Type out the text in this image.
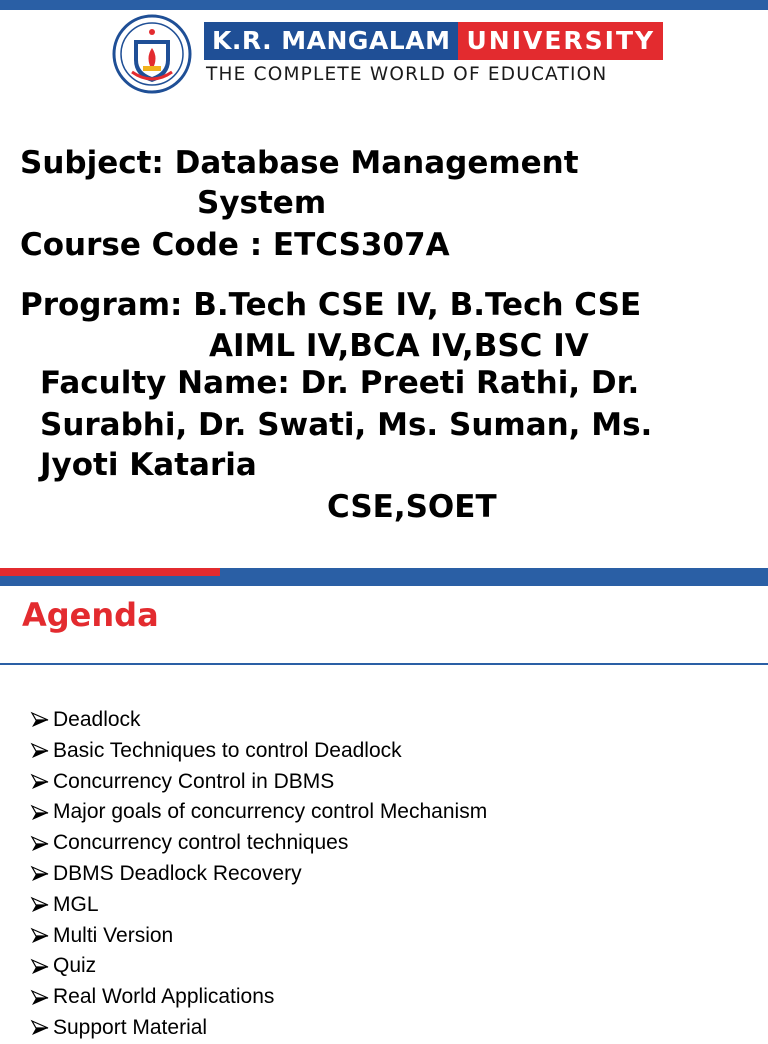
K.R. MANGALAM UNIVERSITY
THE COMPLETE WORLD OF EDUCATION
Subject: Database Management
System
Course Code : ETCS307A
Program: B.Tech CSE IV, B.Tech CSE
AIML IV,BCA IV,BSC IV
Faculty Name: Dr. Preeti Rathi, Dr.
Surabhi, Dr. Swati, Ms. Suman, Ms.
Jyoti Kataria
CSE,SOET
Agenda
Deadlock
Basic Techniques to control Deadlock
Concurrency Control in DBMS
Major goals of concurrency control Mechanism
Concurrency control techniques
DBMS Deadlock Recovery
MGL
Multi Version
Quiz
Real World Applications
Support Material
